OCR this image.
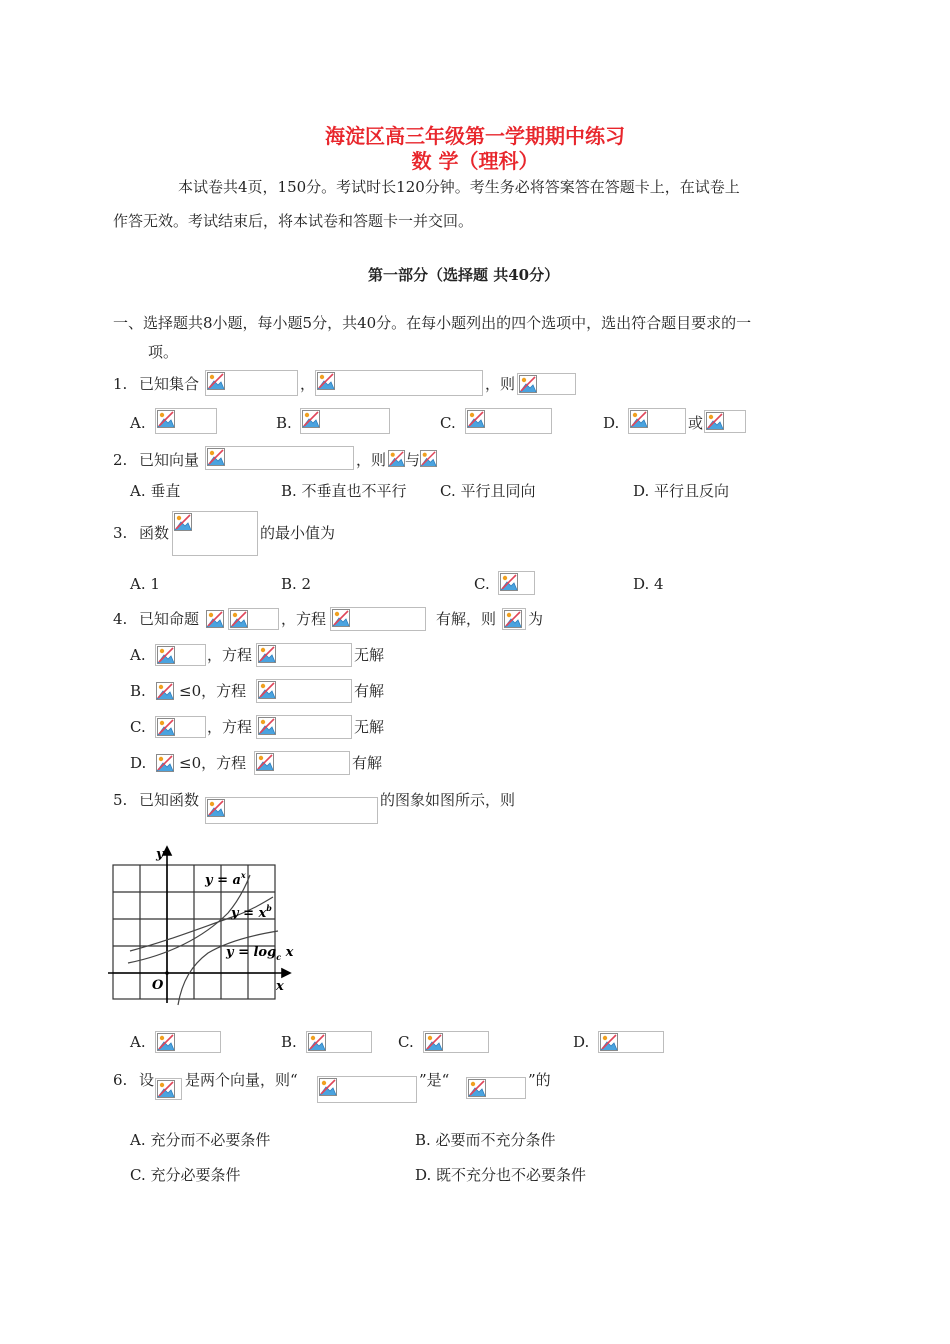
海淀区高三年级第一学期期中练习
数 学（理科）
本试卷共4页，150分。考试时长120分钟。考生务必将答案答在答题卡上，在试卷上
作答无效。考试结束后，将本试卷和答题卡一并交回。
第一部分（选择题 共40分）
一、选择题共8小题，每小题5分，共40分。在每小题列出的四个选项中，选出符合题目要求的一
项。
1. 已知集合	，	，则
A.	B.	C.	D.	或
2. 已知向量	，则 与
A. 垂直	B. 不垂直也不平行 C. 平行且同向	D. 平行且反向
3. 函数	的最小值为
A. 1	B. 2	C.	D. 4
4. 已知命题	，方程	有解，则 为
A.	，方程	无解
B. ≤0，方程	有解
C.	，方程	无解
D. ≤0，方程	有解
5. 已知函数	的图象如图所示，则
y
x
O
$y = a^x$
$y = x^b$
$y = \log_c x$
A.	B.	C.	D.
6. 设 是两个向量，则“	”是“	”的
A. 充分而不必要条件	B. 必要而不充分条件
C. 充分必要条件	D. 既不充分也不必要条件
